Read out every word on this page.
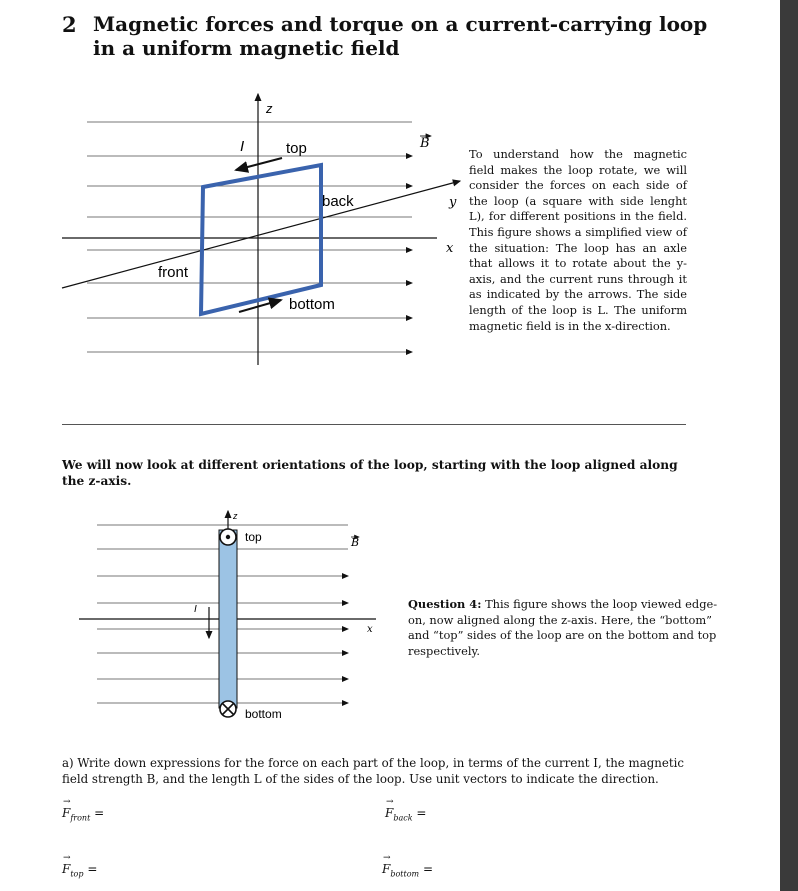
2 Magnetic forces and torque on a current-carrying loop in a uniform magnetic field
z
I	top
back
front
bottom
B
y
x
To understand how the magnetic field makes the loop rotate, we will consider the forces on each side of the loop (a square with side lenght L), for different positions in the field. This figure shows a simplified view of the situation: The loop has an axle that allows it to rotate about the y-axis, and the current runs through it as indicated by the arrows. The side length of the loop is L. The uniform magnetic field is in the x-direction.
We will now look at different orientations of the loop, starting with the loop aligned along the z-axis.
z
top
bottom
I
B
x
Question 4: This figure shows the loop viewed edge-on, now aligned along the z-axis. Here, the “bottom” and “top” sides of the loop are on the bottom and top respectively.
a) Write down expressions for the force on each part of the loop, in terms of the current I, the magnetic field strength B, and the length L of the sides of the loop. Use unit vectors to indicate the direction.
→ $F_{front}$ =	→ $F_{back}$ =
→ $F_{top}$ =	→ $F_{bottom}$ =
